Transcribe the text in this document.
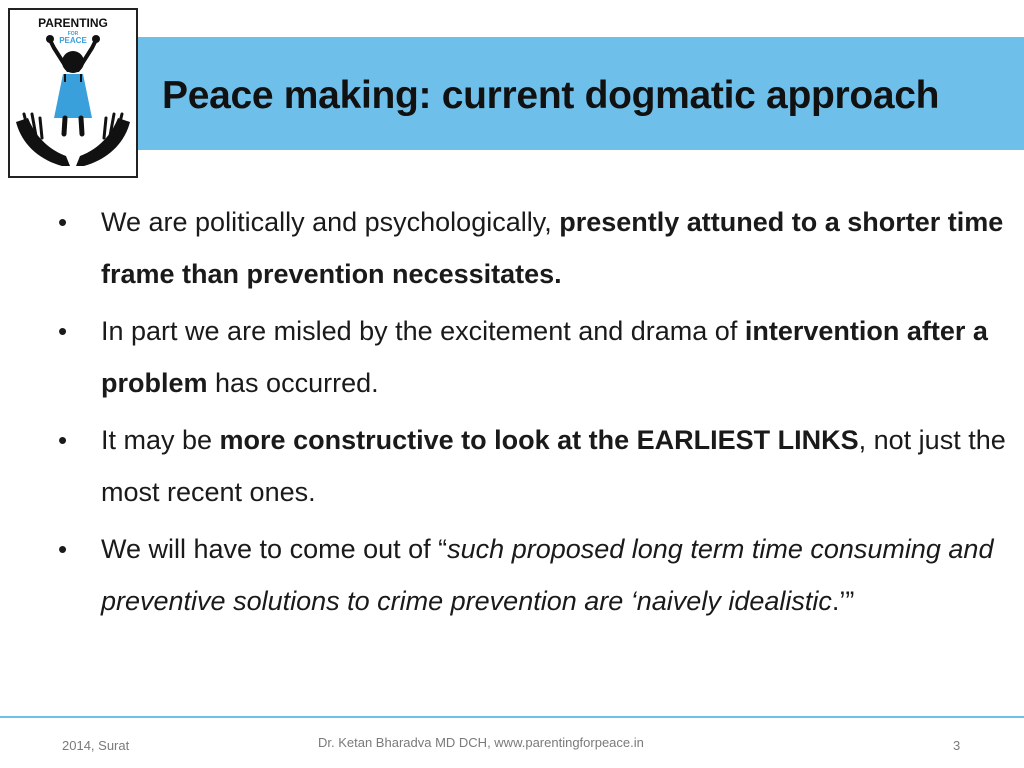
Peace making: current dogmatic approach
PARENTING
FOR
PEACE
• We are politically and psychologically, presently attuned to a shorter time frame than prevention necessitates.
• In part we are misled by the excitement and drama of intervention after a problem has occurred.
• It may be more constructive to look at the EARLIEST LINKS, not just the most recent ones.
• We will have to come out of “such proposed long term time consuming and preventive solutions to crime prevention are ‘naively idealistic.’”
2014, Surat	Dr. Ketan Bharadva MD DCH, www.parentingforpeace.in	3
